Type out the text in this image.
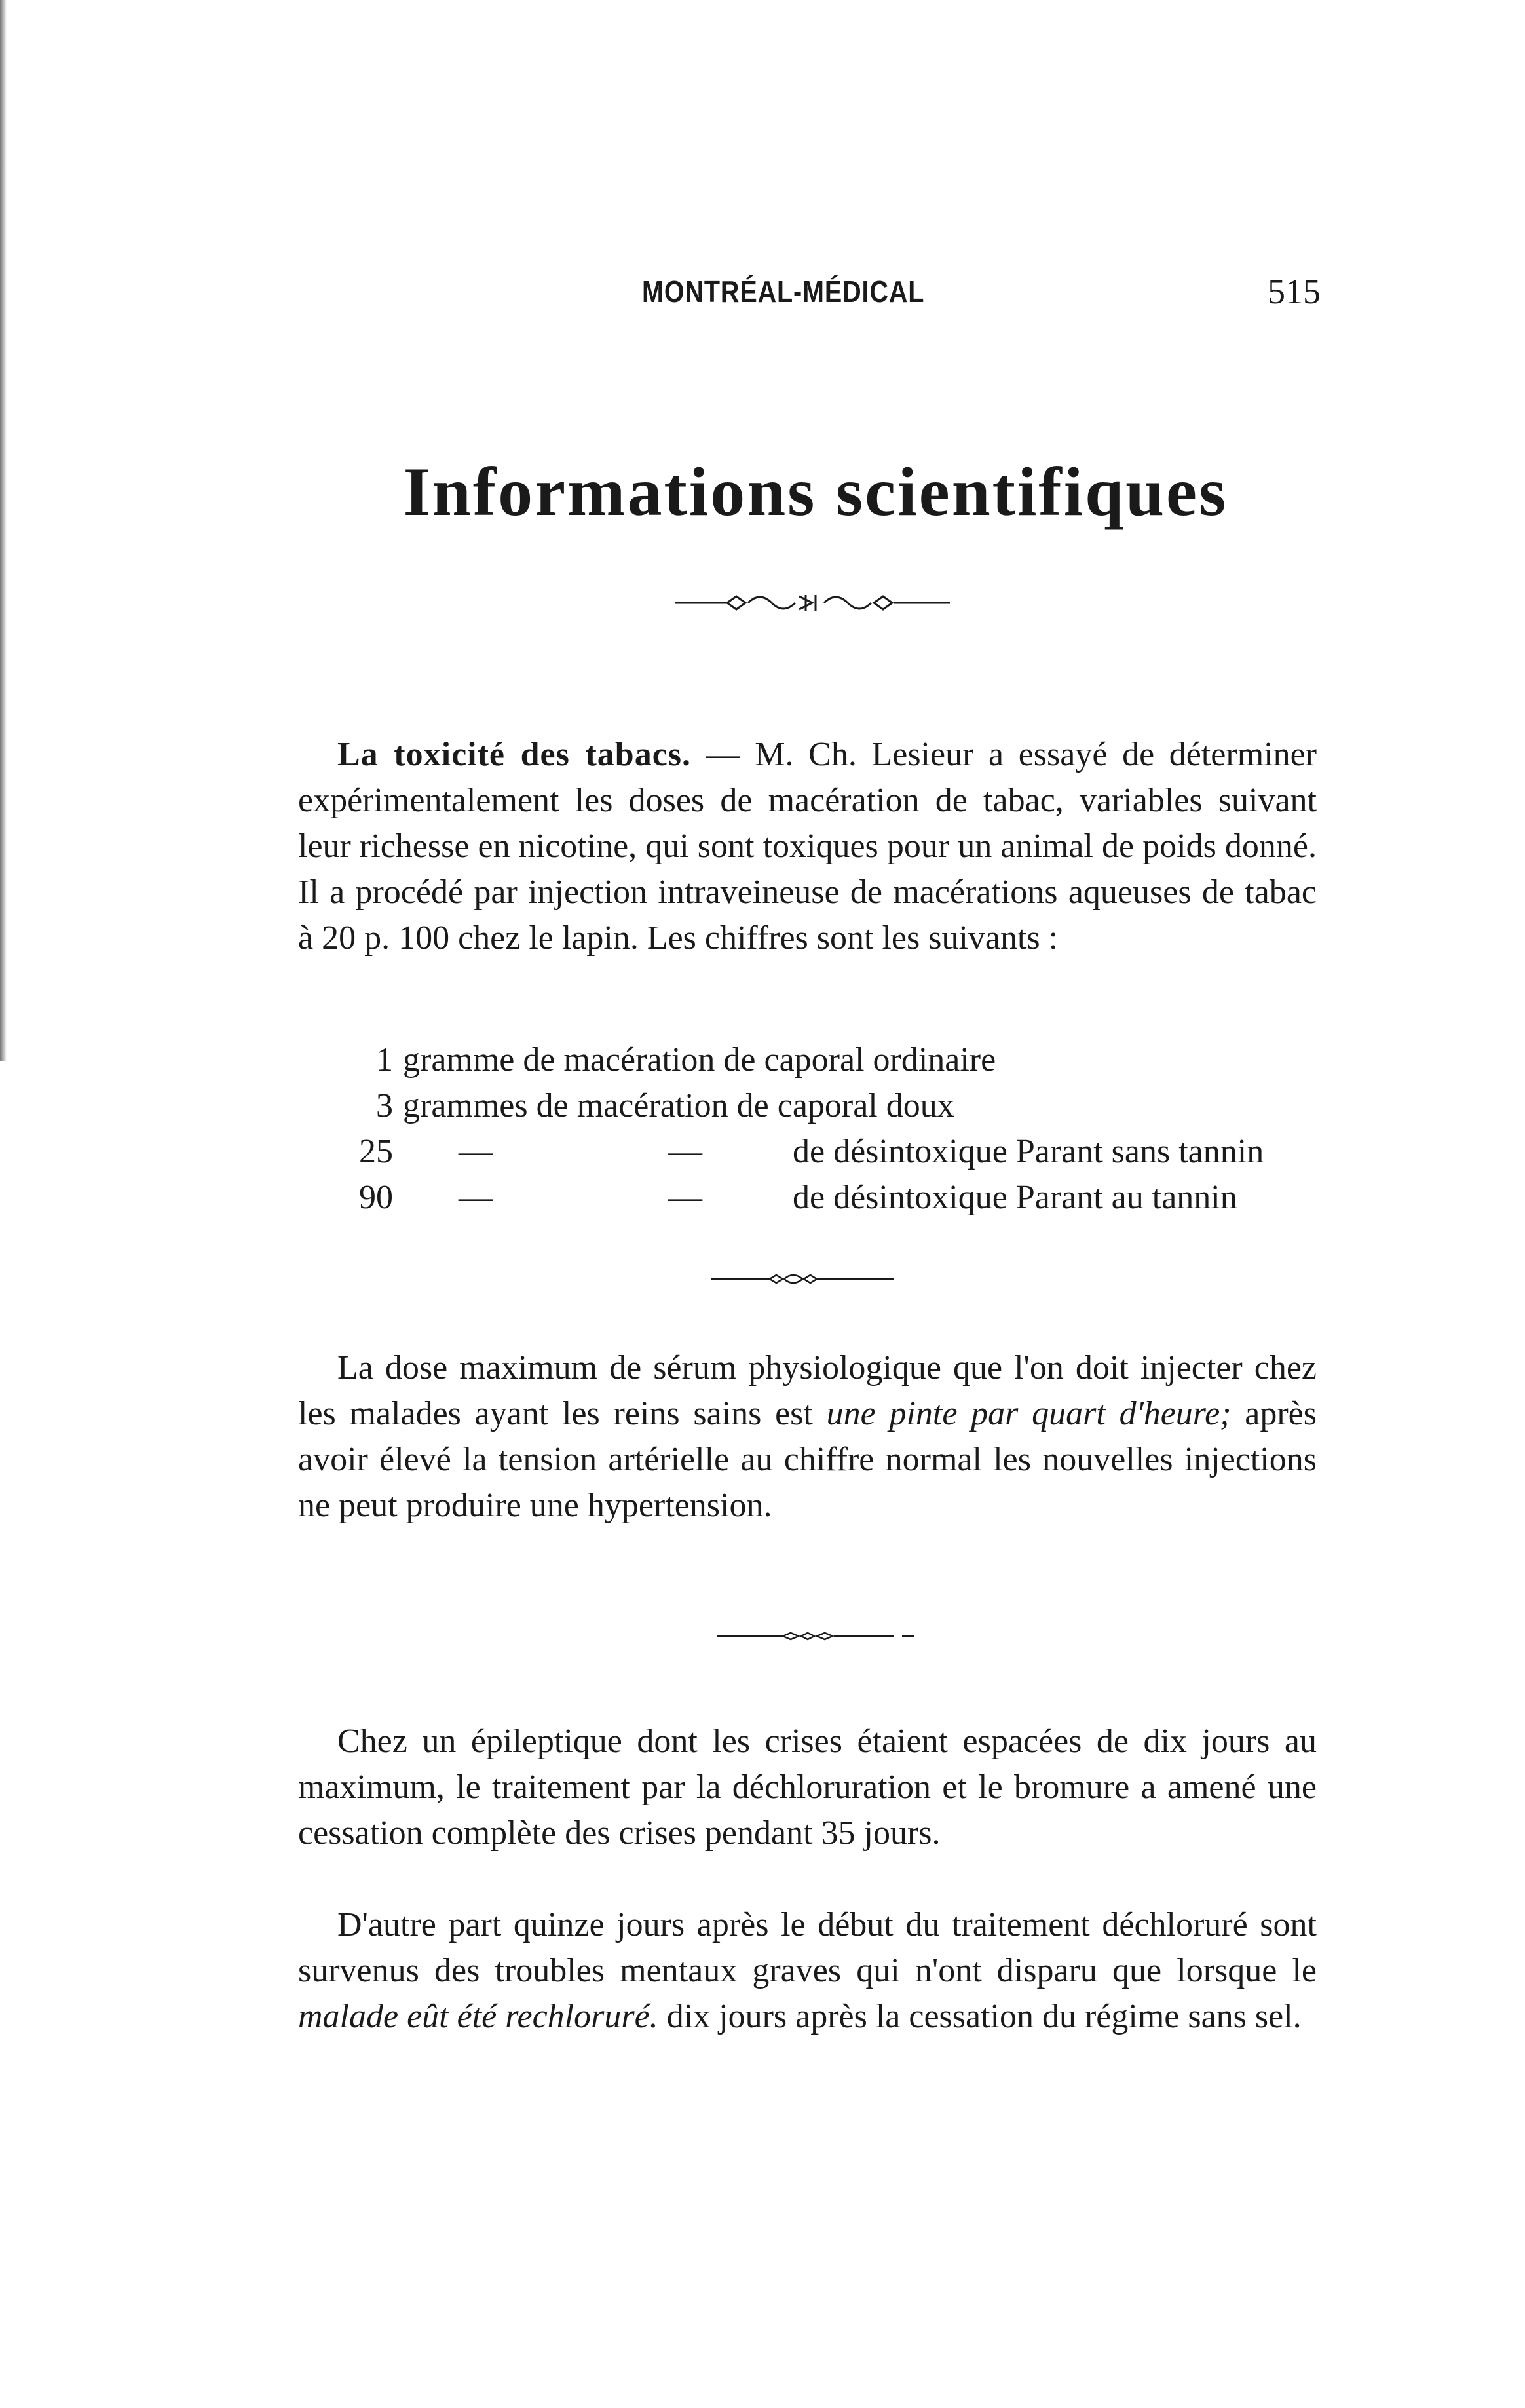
MONTRÉAL-MÉDICAL	515
Informations scientifiques

La toxicité des tabacs. — M. Ch. Lesieur a essayé de déterminer expérimentalement les doses de macération de tabac, variables suivant leur richesse en nicotine, qui sont toxiques pour un animal de poids donné. Il a procédé par injection intraveineuse de macérations aqueuses de tabac à 20 p. 100 chez le lapin. Les chiffres sont les suivants :

1 gramme de macération de caporal ordinaire
3 grammes de macération de caporal doux
25 —	—	de désintoxique Parant sans tannin
90 —	—	de désintoxique Parant au tannin

La dose maximum de sérum physiologique que l'on doit injecter chez les malades ayant les reins sains est une pinte par quart d'heure; après avoir élevé la tension artérielle au chiffre normal les nouvelles injections ne peut produire une hypertension.

Chez un épileptique dont les crises étaient espacées de dix jours au maximum, le traitement par la déchloruration et le bromure a amené une cessation complète des crises pendant 35 jours.

D'autre part quinze jours après le début du traitement déchloruré sont survenus des troubles mentaux graves qui n'ont disparu que lorsque le malade eût été rechloruré. dix jours après la cessation du régime sans sel.
